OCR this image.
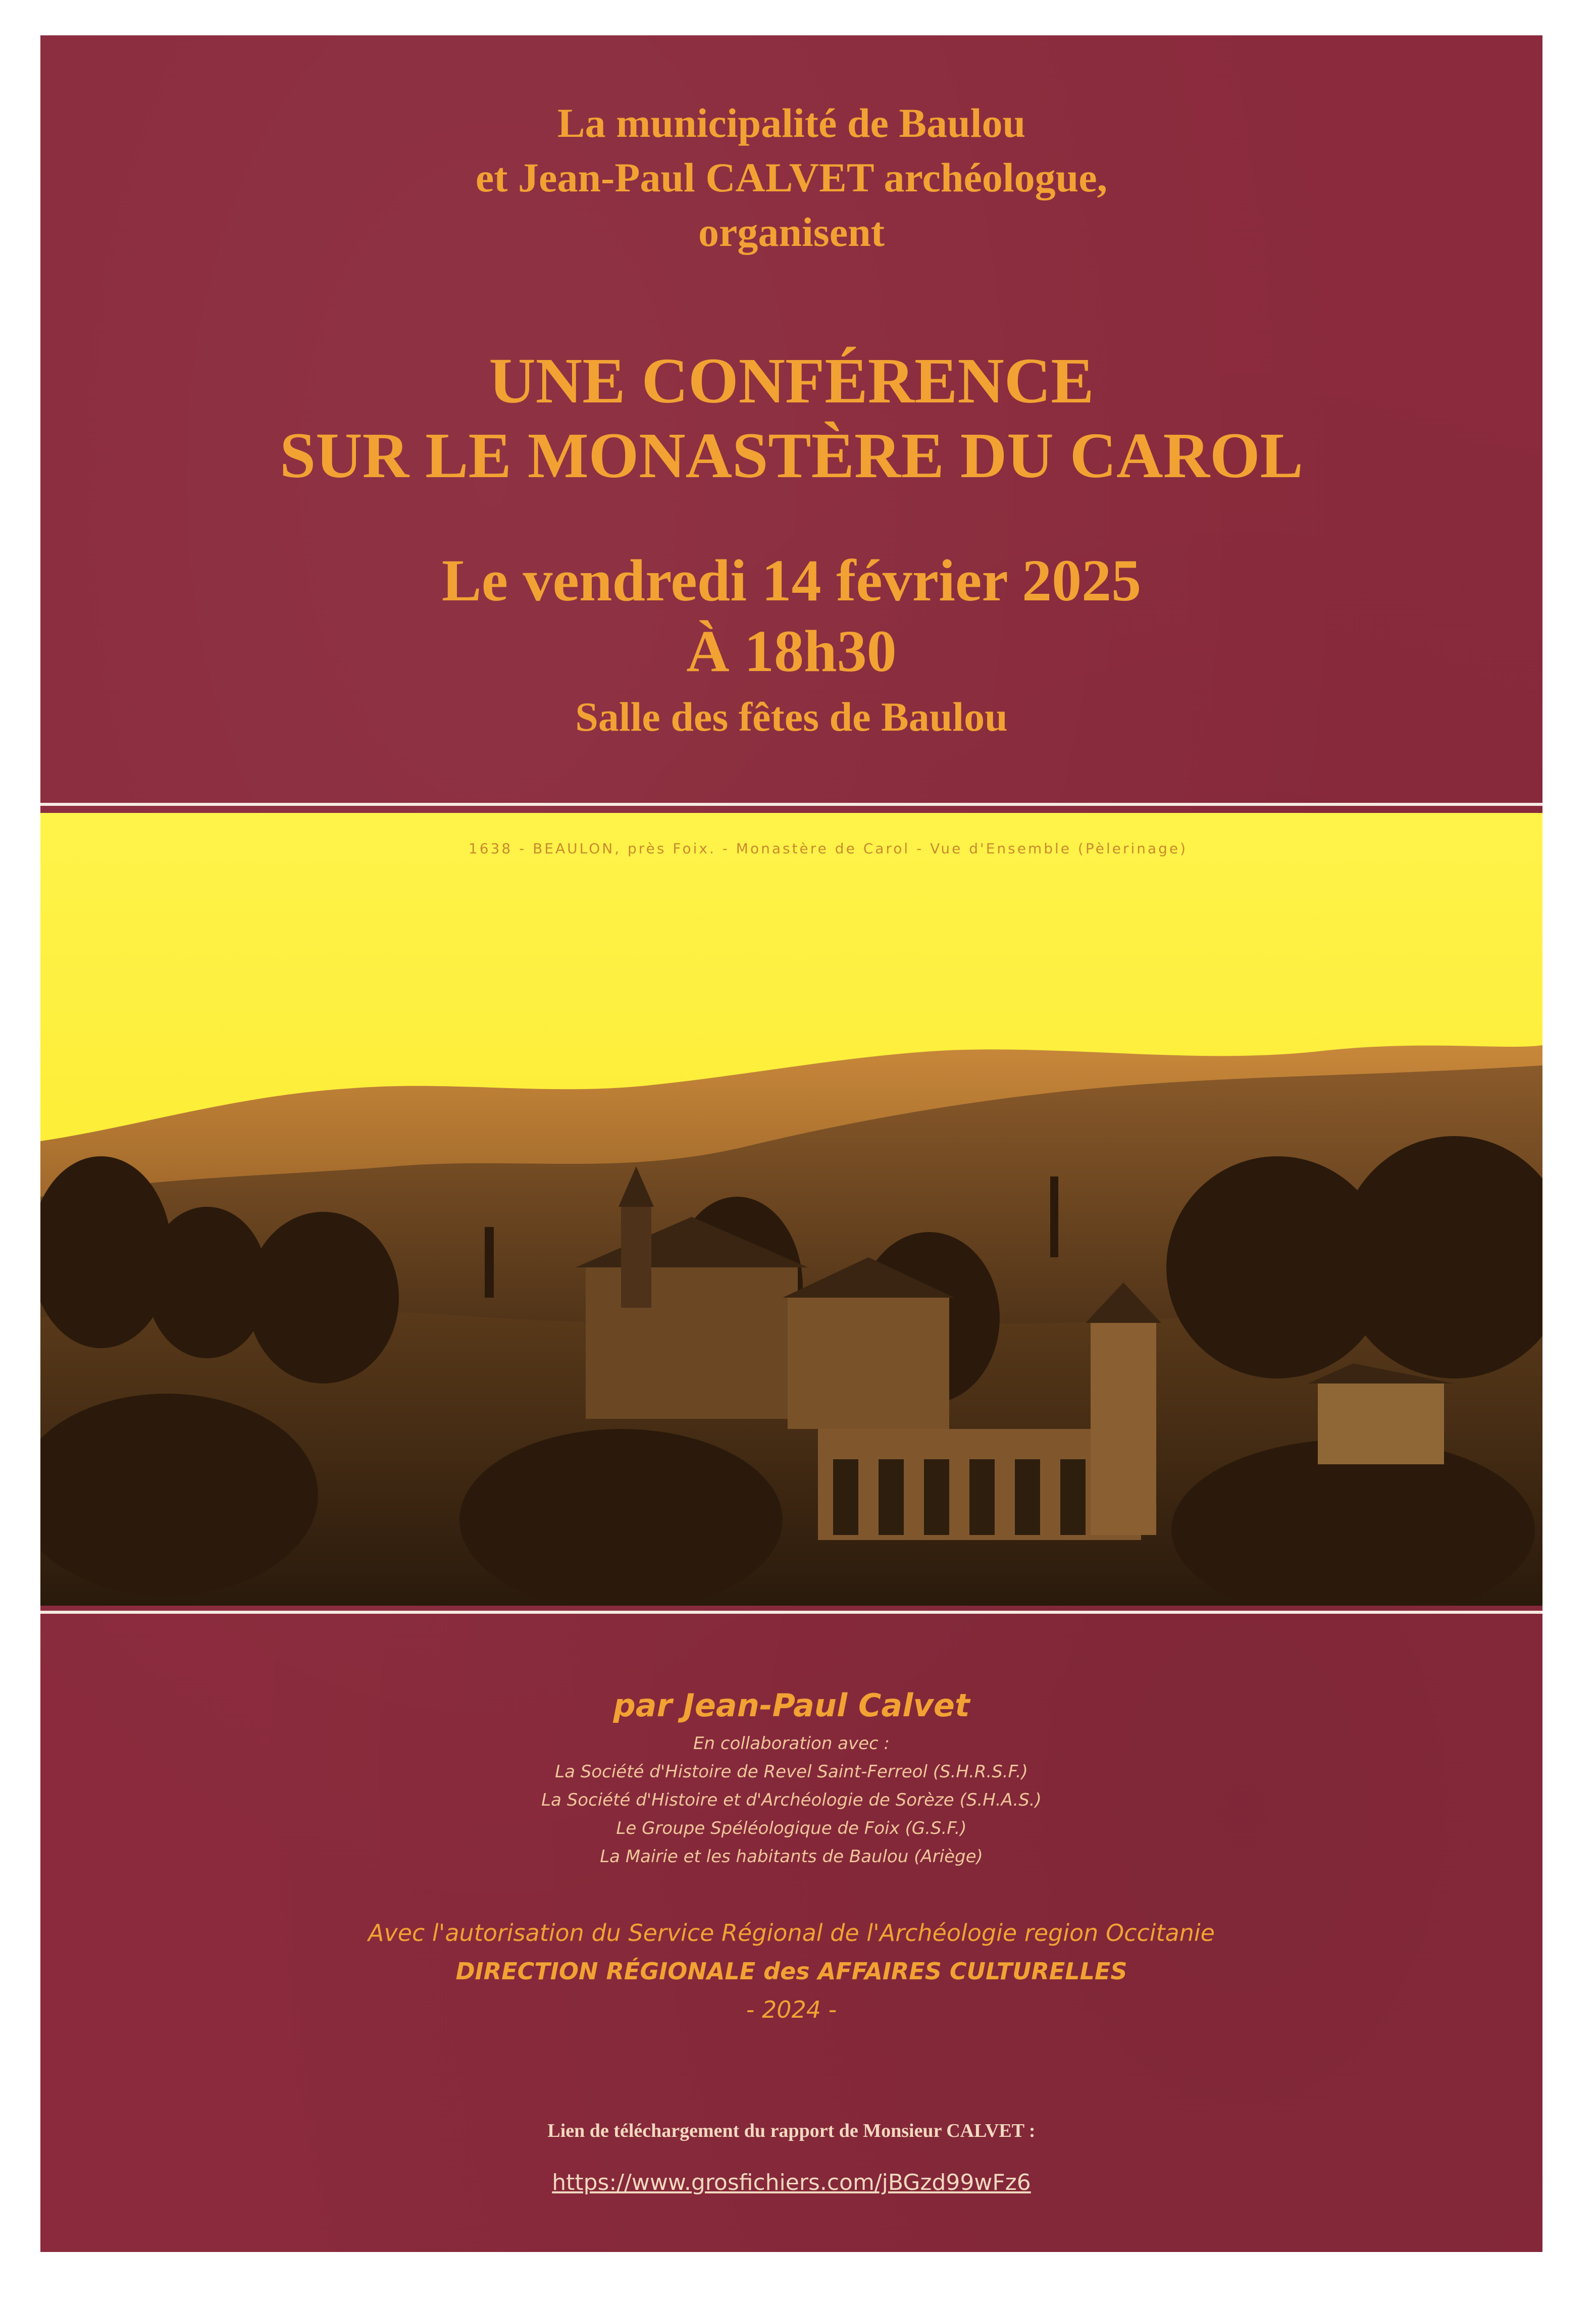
La municipalité de Baulou
et Jean-Paul CALVET archéologue,
organisent
UNE CONFÉRENCE
SUR LE MONASTÈRE DU CAROL
Le vendredi 14 février 2025
À 18h30
Salle des fêtes de Baulou
1638 - BEAULON, près Foix. - Monastère de Carol - Vue d'Ensemble (Pèlerinage)
par Jean-Paul Calvet
En collaboration avec :
La Société d'Histoire de Revel Saint-Ferreol (S.H.R.S.F.)
La Société d'Histoire et d'Archéologie de Sorèze (S.H.A.S.)
Le Groupe Spéléologique de Foix (G.S.F.)
La Mairie et les habitants de Baulou (Ariège)
Avec l'autorisation du Service Régional de l'Archéologie region Occitanie
DIRECTION RÉGIONALE des AFFAIRES CULTURELLES
- 2024 -
Lien de téléchargement du rapport de Monsieur CALVET :
https://www.grosfichiers.com/jBGzd99wFz6
